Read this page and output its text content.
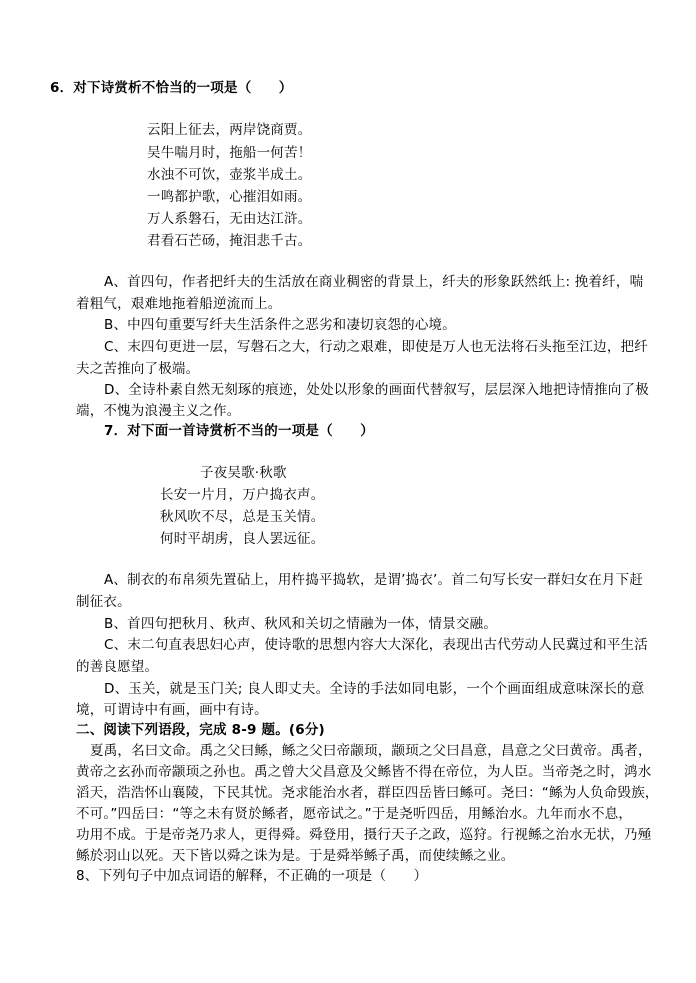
6．对下诗赏析不恰当的一项是（　　）
云阳上征去，两岸饶商贾。
吴牛喘月时，拖船一何苦！
水浊不可饮，壶浆半成土。
一鸣都护歌，心摧泪如雨。
万人系磐石，无由达江浒。
君看石芒砀，掩泪悲千古。
A、首四句，作者把纤夫的生活放在商业稠密的背景上，纤夫的形象跃然纸上: 挽着纤，喘
着粗气，艰难地拖着船逆流而上。
B、中四句重要写纤夫生活条件之恶劣和凄切哀怨的心境。
C、末四句更进一层，写磐石之大，行动之艰难，即使是万人也无法将石头拖至江边，把纤
夫之苦推向了极端。
D、全诗朴素自然无刻琢的痕迹，处处以形象的画面代替叙写，层层深入地把诗情推向了极
端，不愧为浪漫主义之作。
7．对下面一首诗赏析不当的一项是（　　）
子夜吴歌·秋歌
长安一片月，万户捣衣声。
秋风吹不尽，总是玉关情。
何时平胡虏，良人罢远征。
A、制衣的布帛须先置砧上，用杵捣平捣软，是谓’捣衣’。首二句写长安一群妇女在月下赶
制征衣。
B、首四句把秋月、秋声、秋风和关切之情融为一体，情景交融。
C、末二句直表思妇心声，使诗歌的思想内容大大深化，表现出古代劳动人民冀过和平生活
的善良愿望。
D、玉关，就是玉门关; 良人即丈夫。全诗的手法如同电影，一个个画面组成意味深长的意
境，可谓诗中有画，画中有诗。
二、阅读下列语段，完成 8-9 题。(6分)
夏禹，名曰文命。禹之父曰鲧，鲧之父曰帝颛顼，颛顼之父曰昌意，昌意之父曰黄帝。禹者，
黄帝之玄孙而帝颛顼之孙也。禹之曾大父昌意及父鲧皆不得在帝位，为人臣。当帝尧之时，鸿水
滔天，浩浩怀山襄陵，下民其忧。尧求能治水者，群臣四岳皆曰鲧可。尧曰：“鲧为人负命毁族，
不可。”四岳曰：“等之未有贤於鲧者，愿帝试之。”于是尧听四岳，用鲧治水。九年而水不息，
功用不成。于是帝尧乃求人，更得舜。舜登用，摄行天子之政，巡狩。行视鲧之治水无状，乃殛
鲧於羽山以死。天下皆以舜之诛为是。于是舜举鲧子禹，而使续鲧之业。
8、下列句子中加点词语的解释，不正确的一项是（　　）
